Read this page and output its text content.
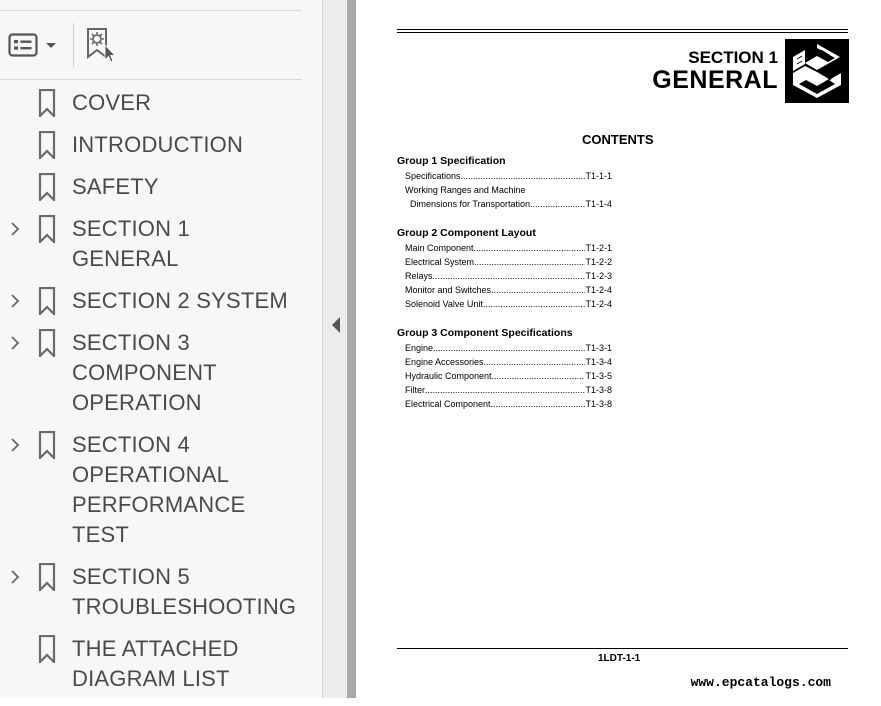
COVER
INTRODUCTION
SAFETY
SECTION 1 GENERAL
SECTION 2 SYSTEM
SECTION 3 COMPONENT OPERATION
SECTION 4 OPERATIONAL PERFORMANCE TEST
SECTION 5 TROUBLESHOOTING
THE ATTACHED DIAGRAM LIST
SECTION 1
GENERAL
CONTENTS
Group 1 Specification
Specifications .....	T1-1-1
Working Ranges and Machine
Dimensions for Transportation .....	T1-1-4
Group 2 Component Layout
Main Component .....	T1-2-1
Electrical System .....	T1-2-2
Relays .....	T1-2-3
Monitor and Switches .....	T1-2-4
Solenoid Valve Unit .....	T1-2-4
Group 3 Component Specifications
Engine .....	T1-3-1
Engine Accessories .....	T1-3-4
Hydraulic Component .....	T1-3-5
Filter .....	T1-3-8
Electrical Component .....	T1-3-8
1LDT-1-1
www.epcatalogs.com
